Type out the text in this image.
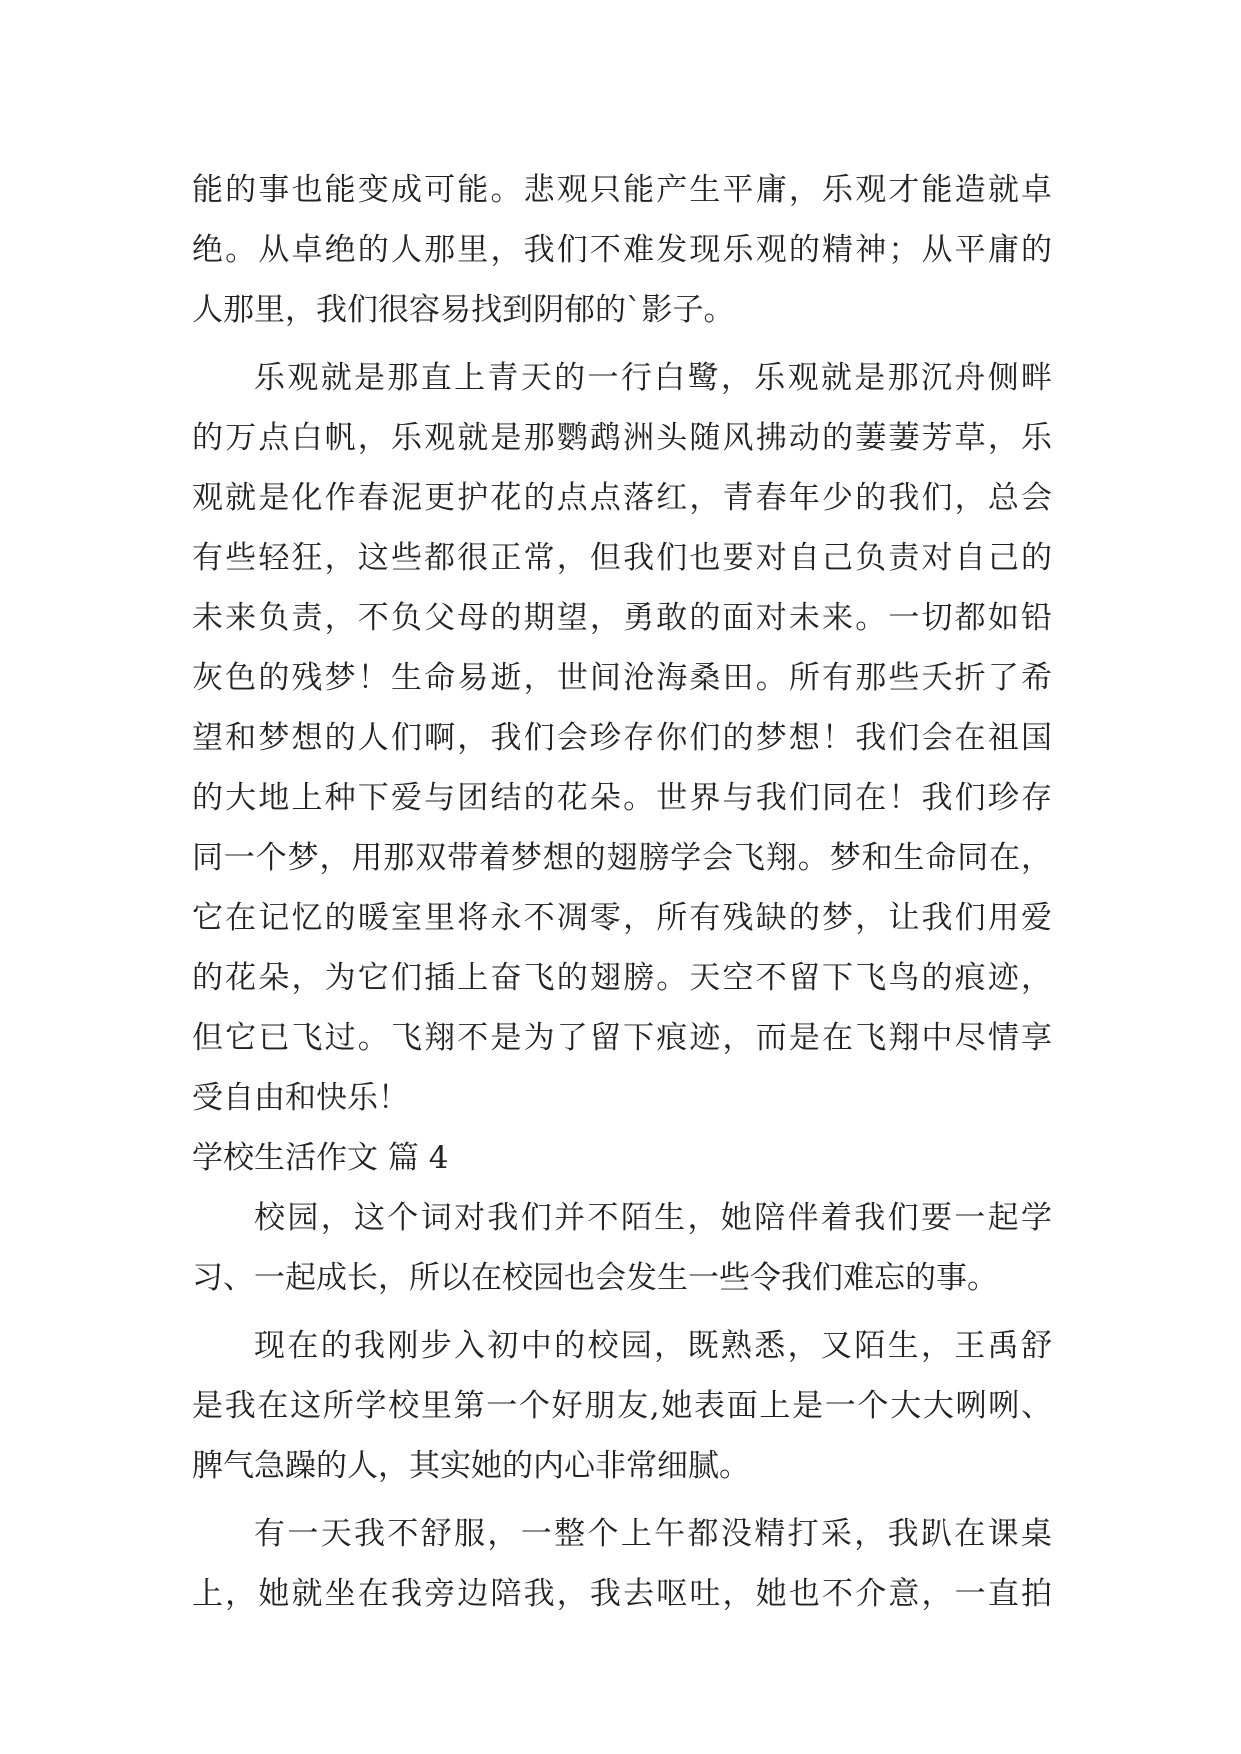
能的事也能变成可能。悲观只能产生平庸，乐观才能造就卓
绝。从卓绝的人那里，我们不难发现乐观的精神；从平庸的
人那里，我们很容易找到阴郁的`影子。
乐观就是那直上青天的一行白鹭，乐观就是那沉舟侧畔
的万点白帆，乐观就是那鹦鹉洲头随风拂动的萋萋芳草，乐
观就是化作春泥更护花的点点落红，青春年少的我们，总会
有些轻狂，这些都很正常，但我们也要对自己负责对自己的
未来负责，不负父母的期望，勇敢的面对未来。一切都如铅
灰色的残梦！生命易逝，世间沧海桑田。所有那些夭折了希
望和梦想的人们啊，我们会珍存你们的梦想！我们会在祖国
的大地上种下爱与团结的花朵。世界与我们同在！我们珍存
同一个梦，用那双带着梦想的翅膀学会飞翔。梦和生命同在，
它在记忆的暖室里将永不凋零，所有残缺的梦，让我们用爱
的花朵，为它们插上奋飞的翅膀。天空不留下飞鸟的痕迹，
但它已飞过。飞翔不是为了留下痕迹，而是在飞翔中尽情享
受自由和快乐！
学校生活作文 篇 4
校园，这个词对我们并不陌生，她陪伴着我们要一起学
习、一起成长，所以在校园也会发生一些令我们难忘的事。
现在的我刚步入初中的校园，既熟悉，又陌生，王禹舒
是我在这所学校里第一个好朋友,她表面上是一个大大咧咧、
脾气急躁的人，其实她的内心非常细腻。
有一天我不舒服，一整个上午都没精打采，我趴在课桌
上，她就坐在我旁边陪我，我去呕吐，她也不介意，一直拍
